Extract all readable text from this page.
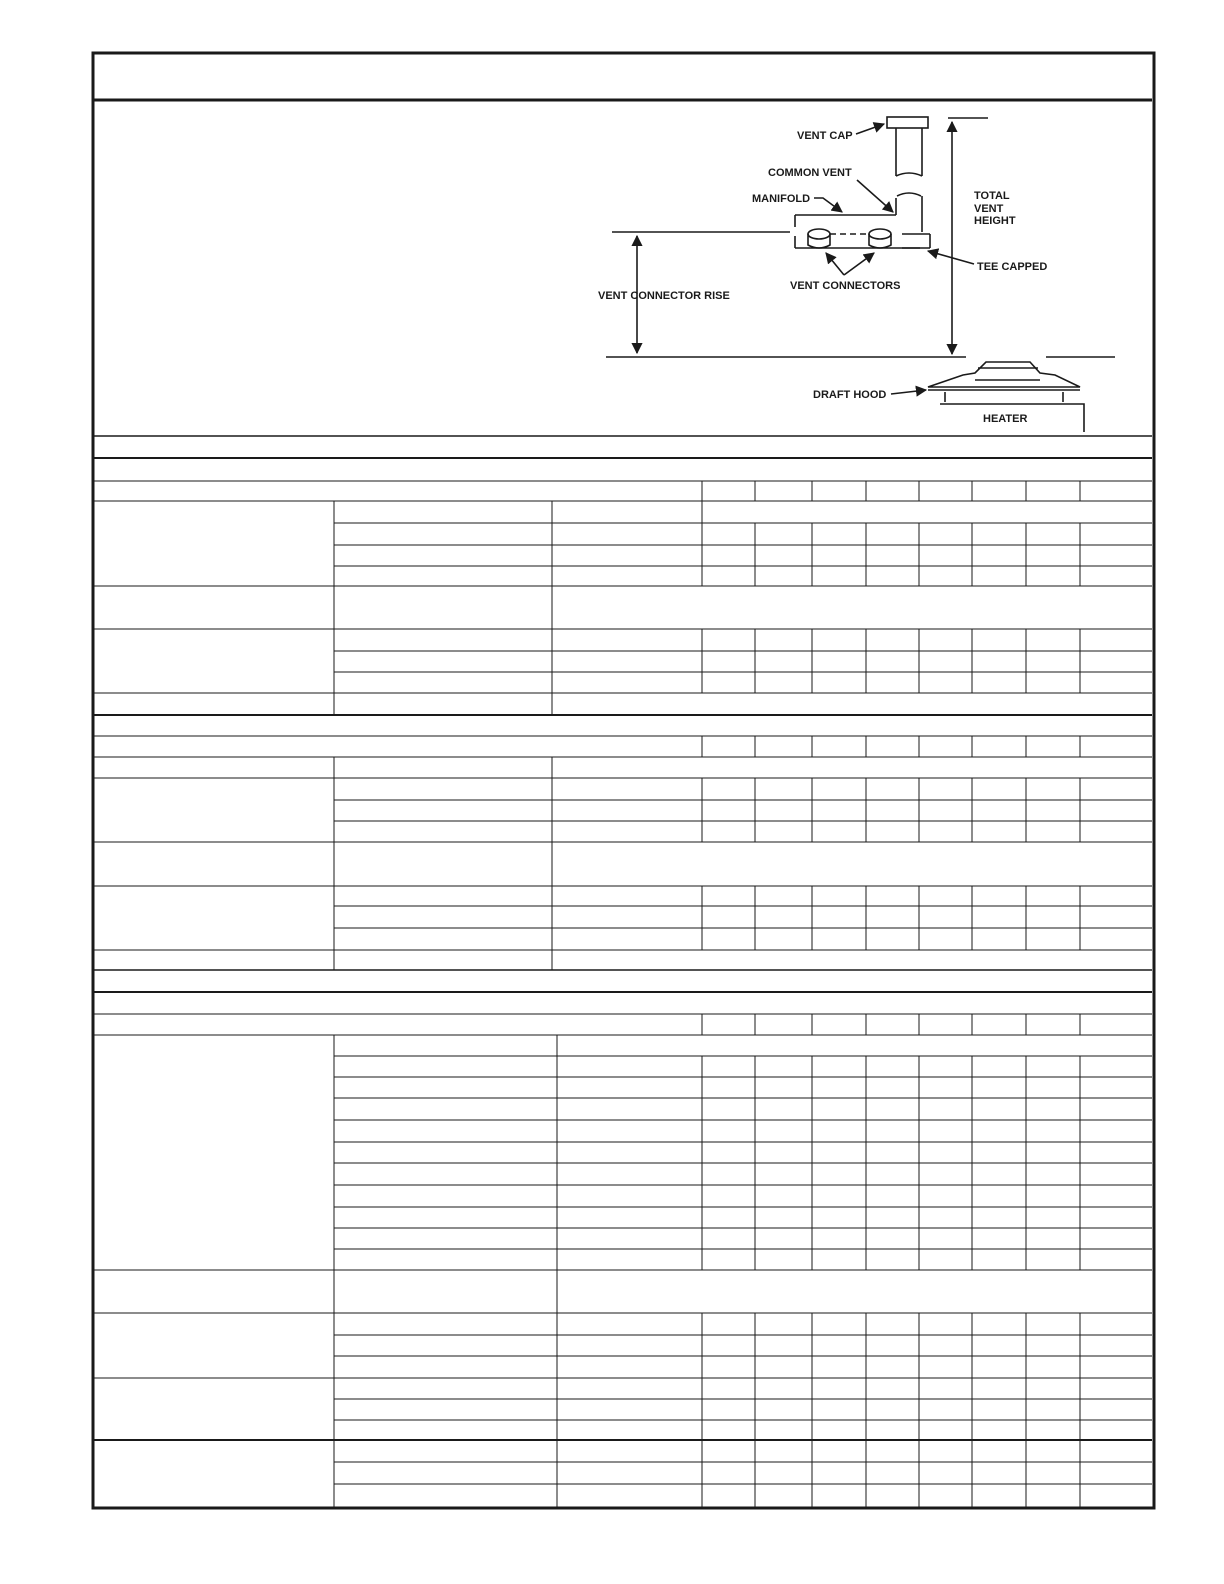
VENT CAP
COMMON VENT
MANIFOLD	TOTAL
VENT
HEIGHT
TEE CAPPED
VENT CONNECTOR RISE
VENT CONNECTORS
DRAFT HOOD
HEATER
